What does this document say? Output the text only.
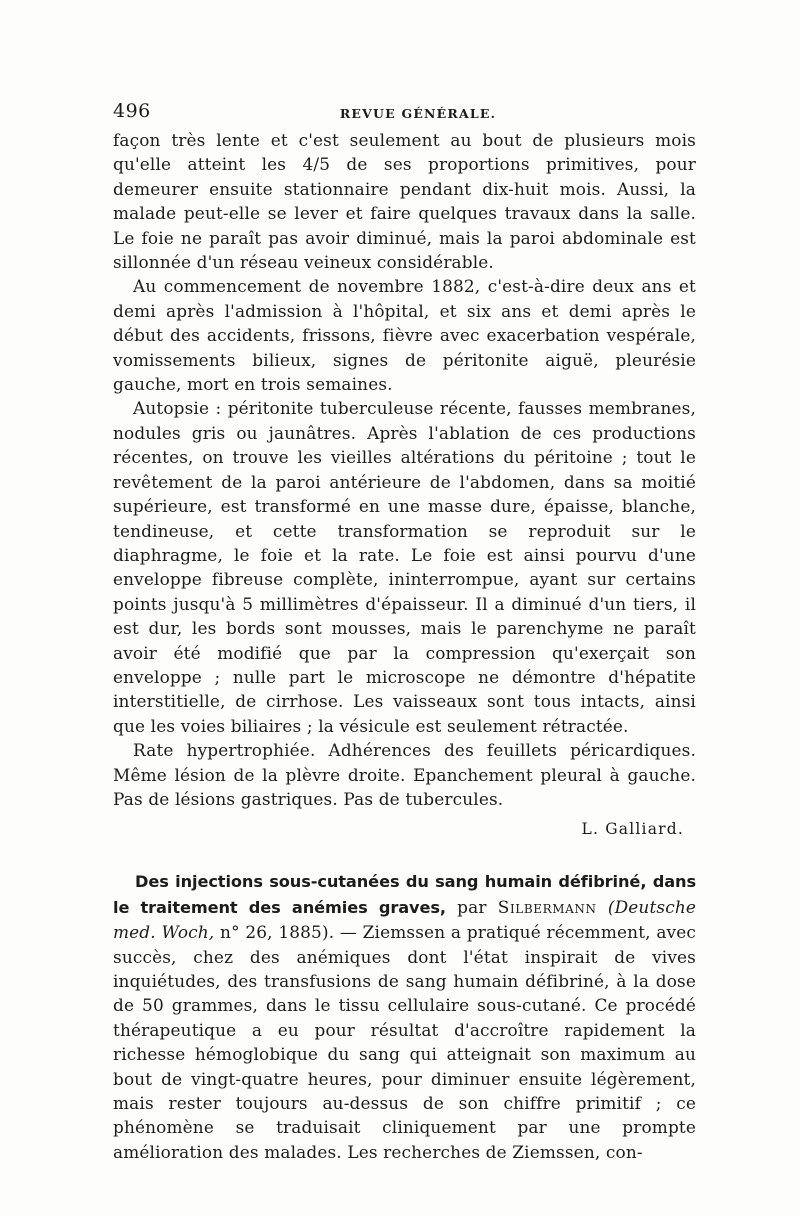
496	REVUE GÉNÉRALE.

façon très lente et c'est seulement au bout de plusieurs mois qu'elle atteint les 4/5 de ses proportions primitives, pour demeurer ensuite stationnaire pendant dix-huit mois. Aussi, la malade peut-elle se lever et faire quelques travaux dans la salle. Le foie ne paraît pas avoir diminué, mais la paroi abdominale est sillonnée d'un réseau veineux considérable.

Au commencement de novembre 1882, c'est-à-dire deux ans et demi après l'admission à l'hôpital, et six ans et demi après le début des accidents, frissons, fièvre avec exacerbation vespérale, vomissements bilieux, signes de péritonite aiguë, pleurésie gauche, mort en trois semaines.

Autopsie : péritonite tuberculeuse récente, fausses membranes, nodules gris ou jaunâtres. Après l'ablation de ces productions récentes, on trouve les vieilles altérations du péritoine ; tout le revêtement de la paroi antérieure de l'abdomen, dans sa moitié supérieure, est transformé en une masse dure, épaisse, blanche, tendineuse, et cette transformation se reproduit sur le diaphragme, le foie et la rate. Le foie est ainsi pourvu d'une enveloppe fibreuse complète, ininterrompue, ayant sur certains points jusqu'à 5 millimètres d'épaisseur. Il a diminué d'un tiers, il est dur, les bords sont mousses, mais le parenchyme ne paraît avoir été modifié que par la compression qu'exerçait son enveloppe ; nulle part le microscope ne démontre d'hépatite interstitielle, de cirrhose. Les vaisseaux sont tous intacts, ainsi que les voies biliaires ; la vésicule est seulement rétractée.

Rate hypertrophiée. Adhérences des feuillets péricardiques. Même lésion de la plèvre droite. Epanchement pleural à gauche. Pas de lésions gastriques. Pas de tubercules.

L. Galliard.

Des injections sous-cutanées du sang humain défibriné, dans le traitement des anémies graves, par Silbermann (Deutsche med. Woch, n° 26, 1885). — Ziemssen a pratiqué récemment, avec succès, chez des anémiques dont l'état inspirait de vives inquiétudes, des transfusions de sang humain défibriné, à la dose de 50 grammes, dans le tissu cellulaire sous-cutané. Ce procédé thérapeutique a eu pour résultat d'accroître rapidement la richesse hémoglobique du sang qui atteignait son maximum au bout de vingt-quatre heures, pour diminuer ensuite légèrement, mais rester toujours au-dessus de son chiffre primitif ; ce phénomène se traduisait cliniquement par une prompte amélioration des malades. Les recherches de Ziemssen, con-
